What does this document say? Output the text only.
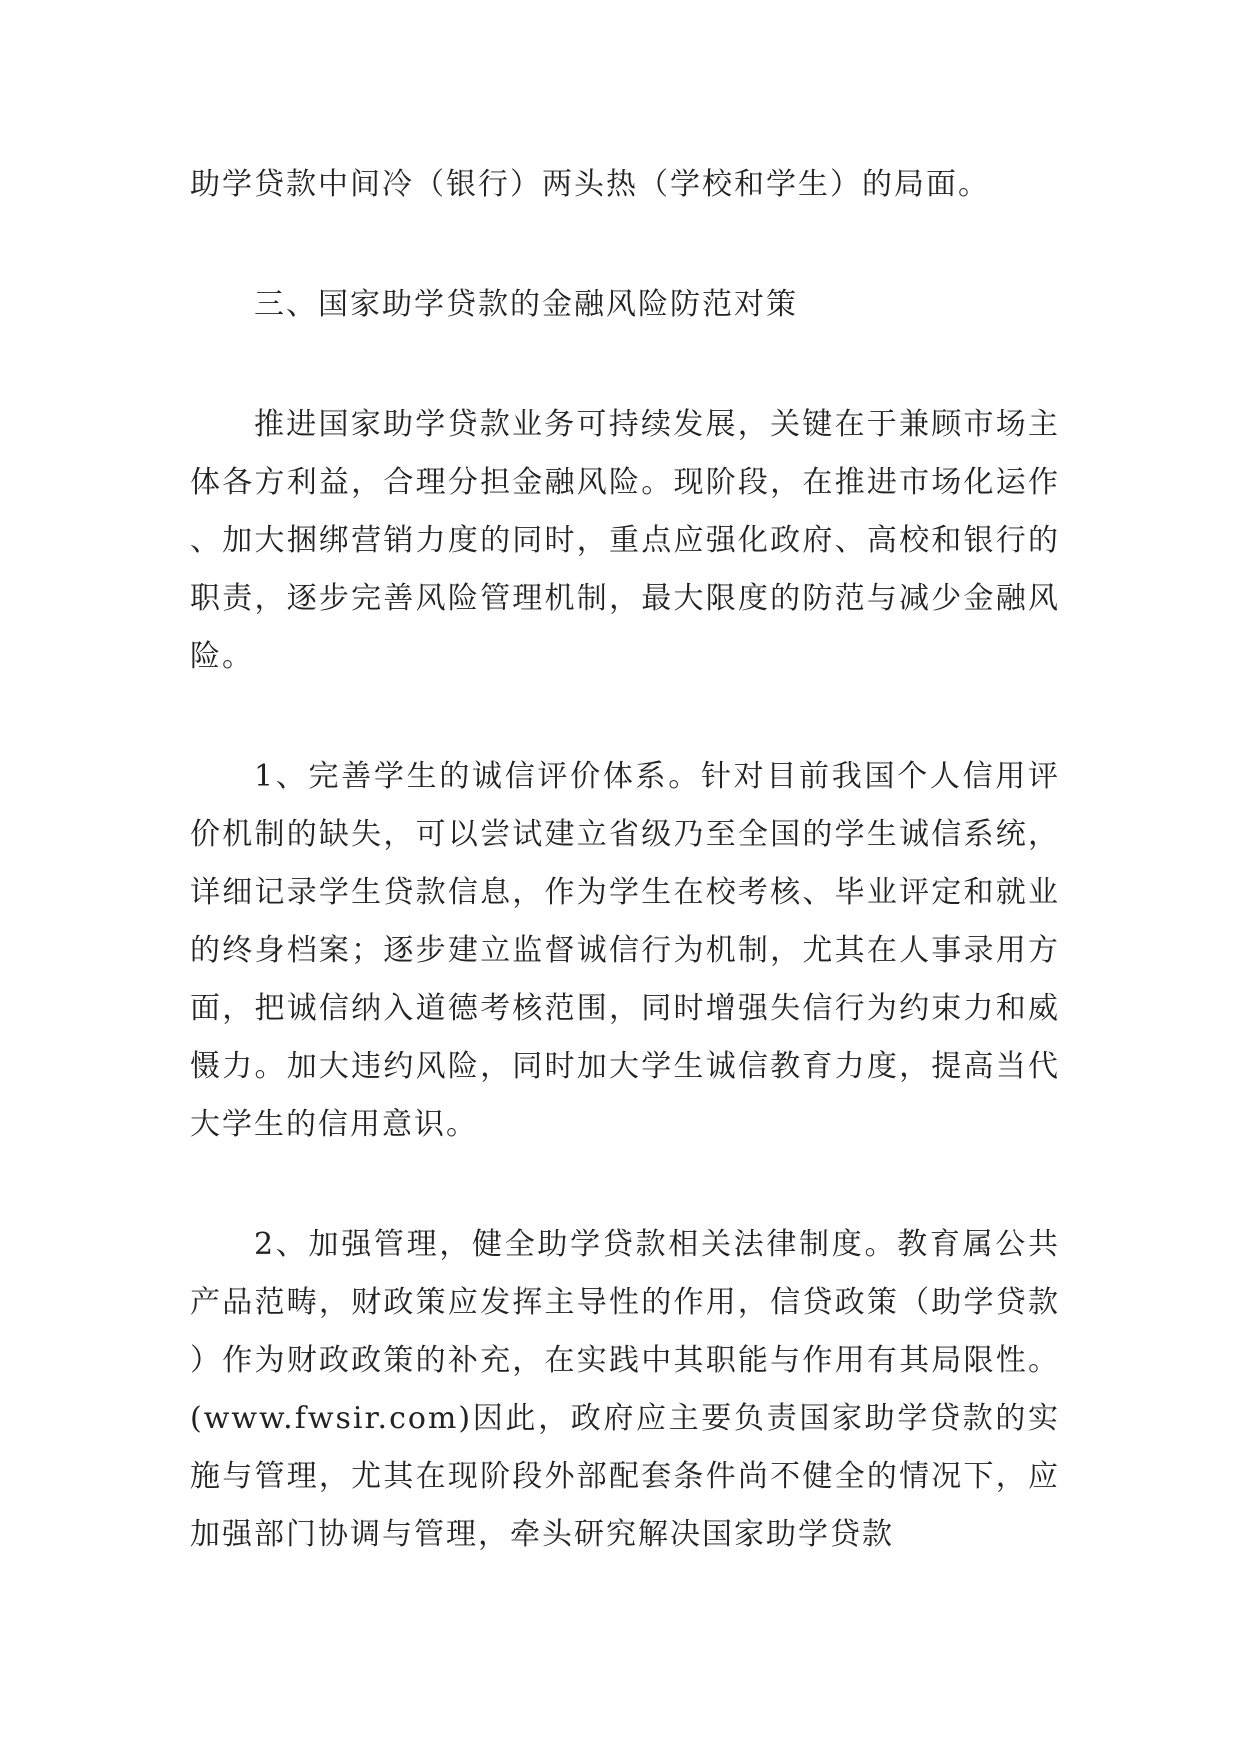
助学贷款中间冷（银行）两头热（学校和学生）的局面。

三、国家助学贷款的金融风险防范对策

推进国家助学贷款业务可持续发展，关键在于兼顾市场主体各方利益，合理分担金融风险。现阶段，在推进市场化运作、加大捆绑营销力度的同时，重点应强化政府、高校和银行的职责，逐步完善风险管理机制，最大限度的防范与减少金融风险。

1、完善学生的诚信评价体系。针对目前我国个人信用评价机制的缺失，可以尝试建立省级乃至全国的学生诚信系统，详细记录学生贷款信息，作为学生在校考核、毕业评定和就业的终身档案；逐步建立监督诚信行为机制，尤其在人事录用方面，把诚信纳入道德考核范围，同时增强失信行为约束力和威慑力。加大违约风险，同时加大学生诚信教育力度，提高当代大学生的信用意识。

2、加强管理，健全助学贷款相关法律制度。教育属公共产品范畴，财政策应发挥主导性的作用，信贷政策（助学贷款）作为财政政策的补充，在实践中其职能与作用有其局限性。(www.fwsir.com)因此，政府应主要负责国家助学贷款的实施与管理，尤其在现阶段外部配套条件尚不健全的情况下，应加强部门协调与管理，牵头研究解决国家助学贷款
